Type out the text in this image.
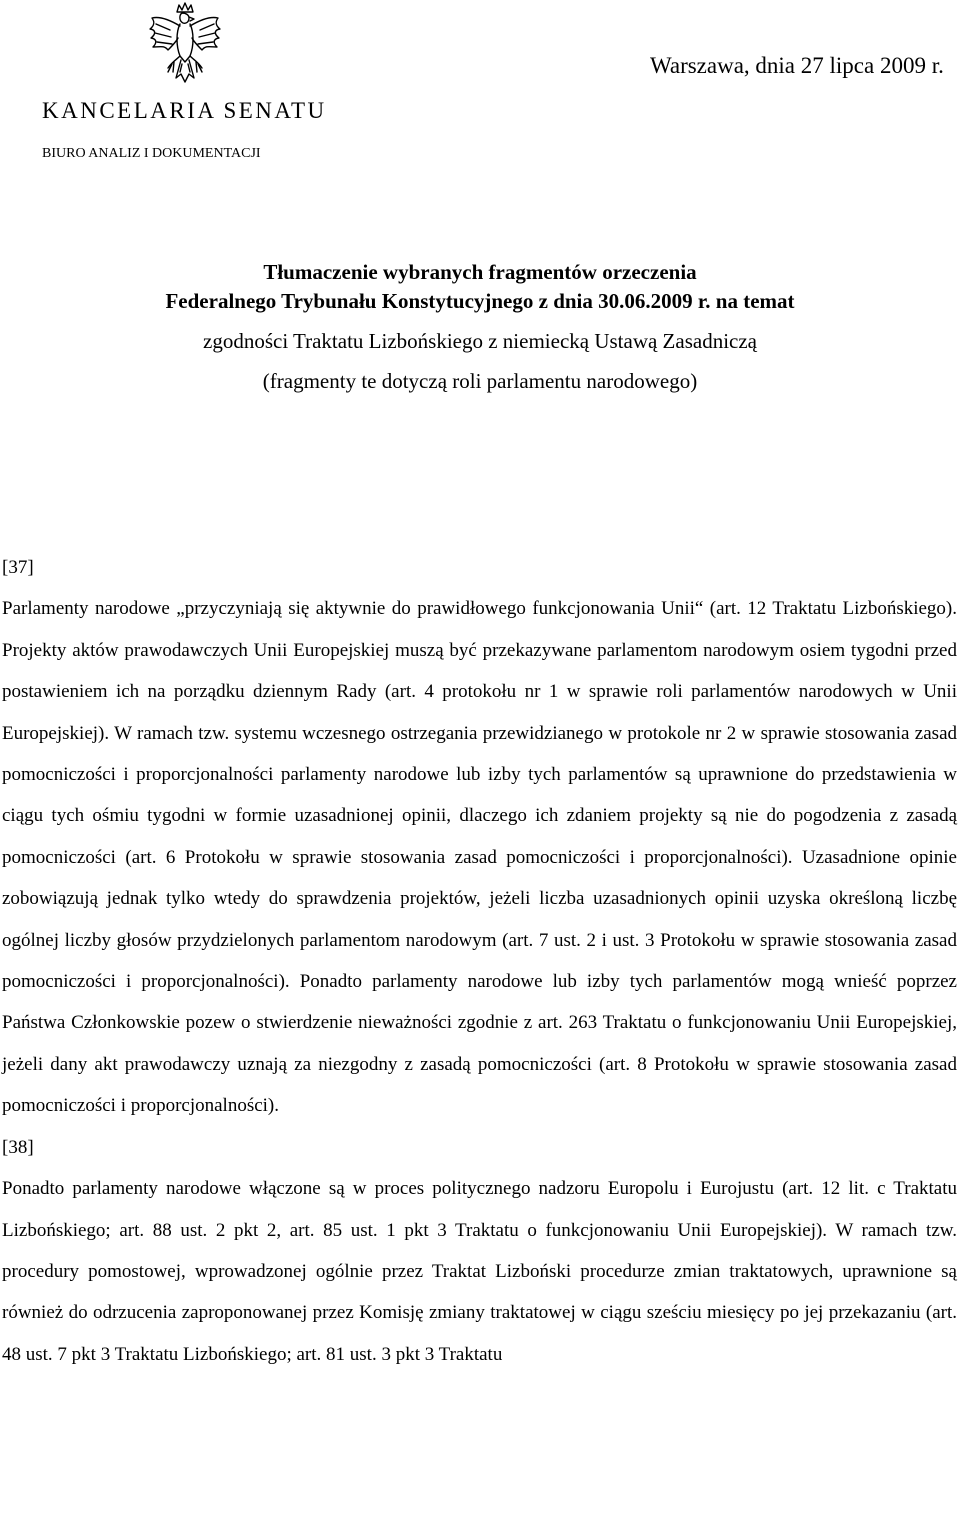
Warszawa, dnia 27 lipca 2009 r.
KANCELARIA SENATU
BIURO ANALIZ I DOKUMENTACJI
Tłumaczenie wybranych fragmentów orzeczenia
Federalnego Trybunału Konstytucyjnego z dnia 30.06.2009 r. na temat
zgodności Traktatu Lizbońskiego z niemiecką Ustawą Zasadniczą
(fragmenty te dotyczą roli parlamentu narodowego)

[37]

Parlamenty narodowe „przyczyniają się aktywnie do prawidłowego funkcjonowania Unii“ (art. 12 Traktatu Lizbońskiego). Projekty aktów prawodawczych Unii Europejskiej muszą być przekazywane parlamentom narodowym osiem tygodni przed postawieniem ich na porządku dziennym Rady (art. 4 protokołu nr 1 w sprawie roli parlamentów narodowych w Unii Europejskiej). W ramach tzw. systemu wczesnego ostrzegania przewidzianego w protokole nr 2 w sprawie stosowania zasad pomocniczości i proporcjonalności parlamenty narodowe lub izby tych parlamentów są uprawnione do przedstawienia w ciągu tych ośmiu tygodni w formie uzasadnionej opinii, dlaczego ich zdaniem projekty są nie do pogodzenia z zasadą pomocniczości (art. 6 Protokołu w sprawie stosowania zasad pomocniczości i proporcjonalności). Uzasadnione opinie zobowiązują jednak tylko wtedy do sprawdzenia projektów, jeżeli liczba uzasadnionych opinii uzyska określoną liczbę ogólnej liczby głosów przydzielonych parlamentom narodowym (art. 7 ust. 2 i ust. 3 Protokołu w sprawie stosowania zasad pomocniczości i proporcjonalności). Ponadto parlamenty narodowe lub izby tych parlamentów mogą wnieść poprzez Państwa Członkowskie pozew o stwierdzenie nieważności zgodnie z art. 263 Traktatu o funkcjonowaniu Unii Europejskiej, jeżeli dany akt prawodawczy uznają za niezgodny z zasadą pomocniczości (art. 8 Protokołu w sprawie stosowania zasad pomocniczości i proporcjonalności).

[38]

Ponadto parlamenty narodowe włączone są w proces politycznego nadzoru Europolu i Eurojustu (art. 12 lit. c Traktatu Lizbońskiego; art. 88 ust. 2 pkt 2, art. 85 ust. 1 pkt 3 Traktatu o funkcjonowaniu Unii Europejskiej). W ramach tzw. procedury pomostowej, wprowadzonej ogólnie przez Traktat Lizboński procedurze zmian traktatowych, uprawnione są również do odrzucenia zaproponowanej przez Komisję zmiany traktatowej w ciągu sześciu miesięcy po jej przekazaniu (art. 48 ust. 7 pkt 3 Traktatu Lizbońskiego; art. 81 ust. 3 pkt 3 Traktatu
